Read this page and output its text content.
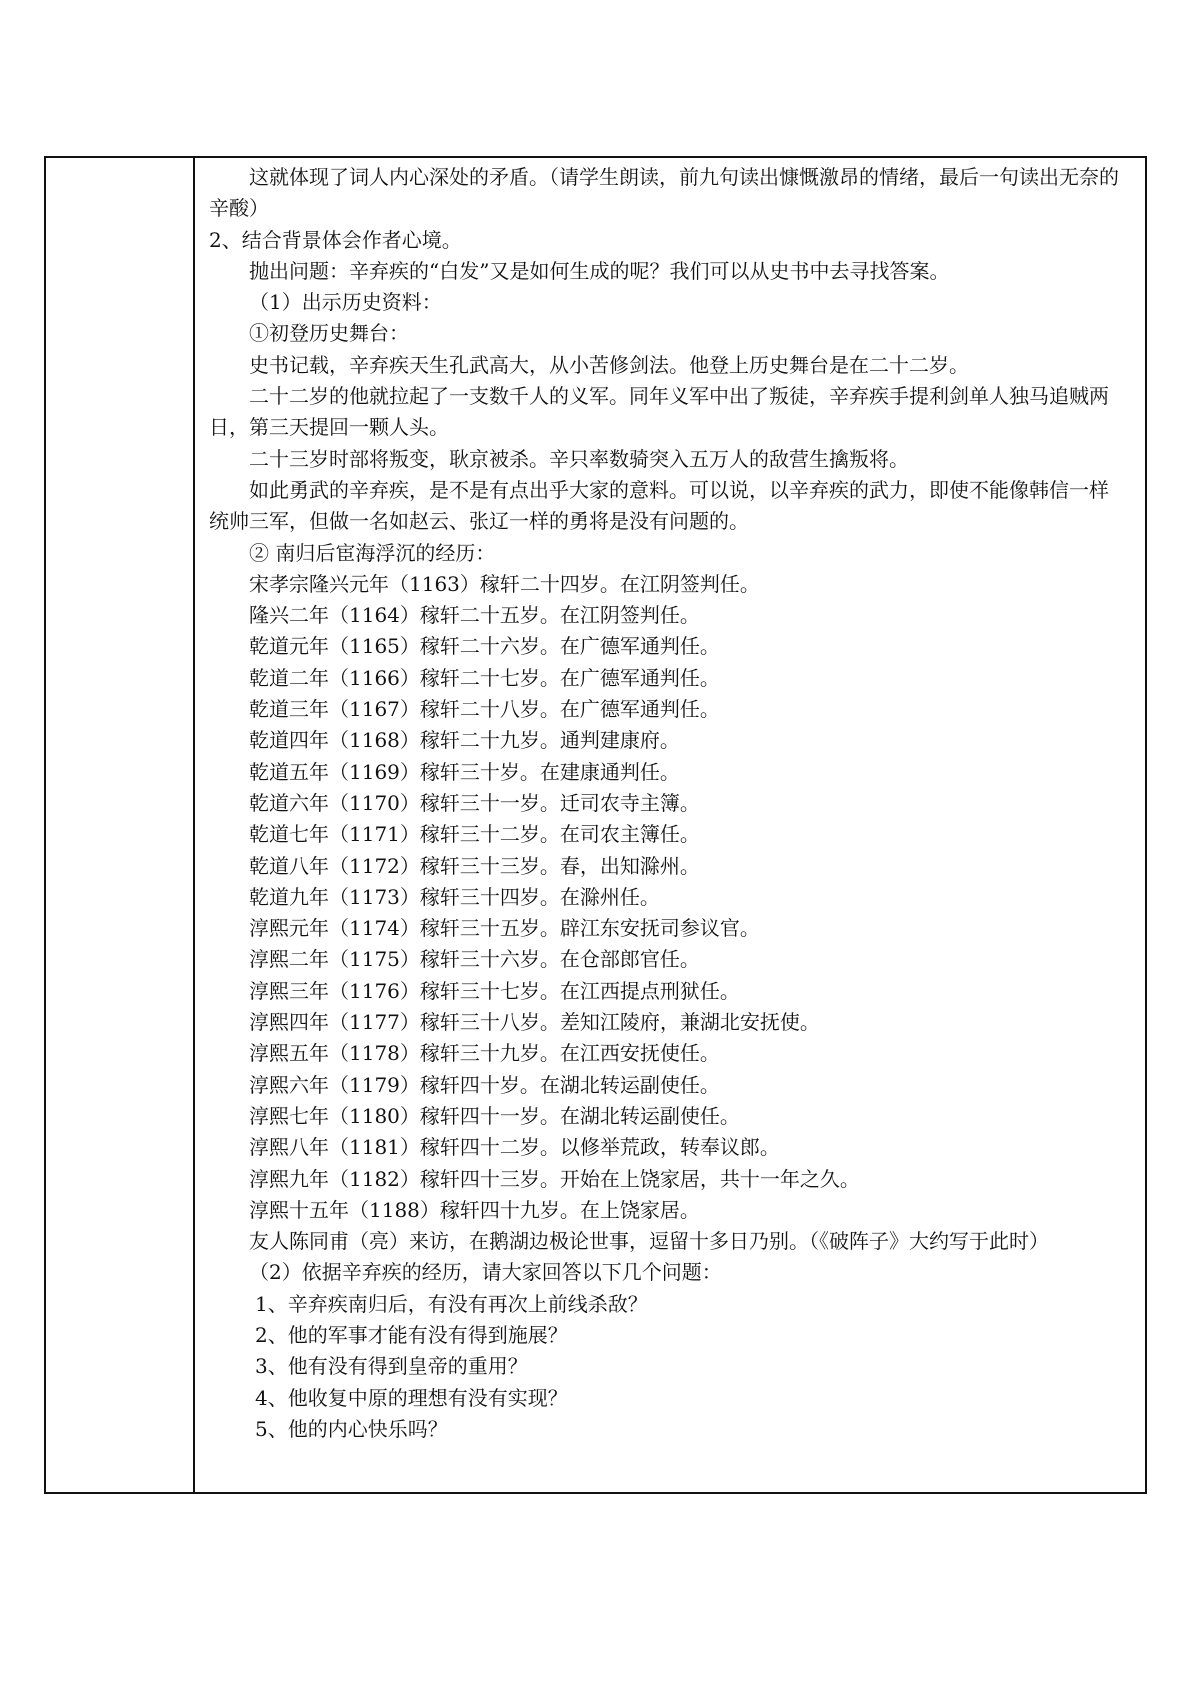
这就体现了词人内心深处的矛盾。（请学生朗读，前九句读出慷慨激昂的情绪，最后一句读出无奈的辛酸）

2、结合背景体会作者心境。

抛出问题：辛弃疾的“白发”又是如何生成的呢？我们可以从史书中去寻找答案。

（1）出示历史资料：

①初登历史舞台：

史书记载，辛弃疾天生孔武高大，从小苦修剑法。他登上历史舞台是在二十二岁。

二十二岁的他就拉起了一支数千人的义军。同年义军中出了叛徒，辛弃疾手提利剑单人独马追贼两日，第三天提回一颗人头。

二十三岁时部将叛变，耿京被杀。辛只率数骑突入五万人的敌营生擒叛将。

如此勇武的辛弃疾，是不是有点出乎大家的意料。可以说，以辛弃疾的武力，即使不能像韩信一样统帅三军，但做一名如赵云、张辽一样的勇将是没有问题的。

② 南归后宦海浮沉的经历：

宋孝宗隆兴元年（1163）稼轩二十四岁。在江阴签判任。

隆兴二年（1164）稼轩二十五岁。在江阴签判任。

乾道元年（1165）稼轩二十六岁。在广德军通判任。

乾道二年（1166）稼轩二十七岁。在广德军通判任。

乾道三年（1167）稼轩二十八岁。在广德军通判任。

乾道四年（1168）稼轩二十九岁。通判建康府。

乾道五年（1169）稼轩三十岁。在建康通判任。

乾道六年（1170）稼轩三十一岁。迁司农寺主簿。

乾道七年（1171）稼轩三十二岁。在司农主簿任。

乾道八年（1172）稼轩三十三岁。春，出知滁州。

乾道九年（1173）稼轩三十四岁。在滁州任。

淳熙元年（1174）稼轩三十五岁。辟江东安抚司参议官。

淳熙二年（1175）稼轩三十六岁。在仓部郎官任。

淳熙三年（1176）稼轩三十七岁。在江西提点刑狱任。

淳熙四年（1177）稼轩三十八岁。差知江陵府，兼湖北安抚使。

淳熙五年（1178）稼轩三十九岁。在江西安抚使任。

淳熙六年（1179）稼轩四十岁。在湖北转运副使任。

淳熙七年（1180）稼轩四十一岁。在湖北转运副使任。

淳熙八年（1181）稼轩四十二岁。以修举荒政，转奉议郎。

淳熙九年（1182）稼轩四十三岁。开始在上饶家居，共十一年之久。

淳熙十五年（1188）稼轩四十九岁。在上饶家居。

友人陈同甫（亮）来访，在鹅湖边极论世事，逗留十多日乃别。（《破阵子》大约写于此时）

（2）依据辛弃疾的经历，请大家回答以下几个问题：

1、辛弃疾南归后，有没有再次上前线杀敌？

2、他的军事才能有没有得到施展？

3、他有没有得到皇帝的重用？

4、他收复中原的理想有没有实现？

5、他的内心快乐吗？
